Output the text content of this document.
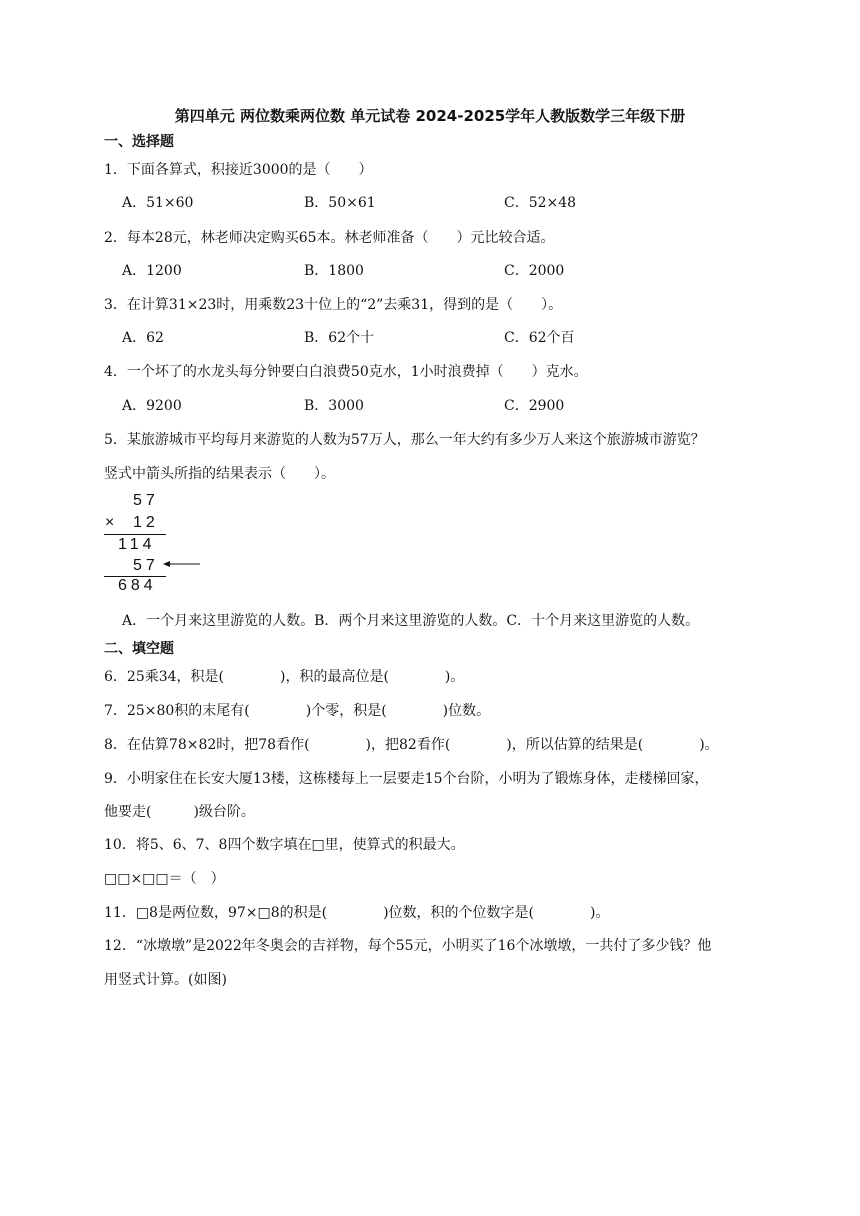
第四单元 两位数乘两位数 单元试卷 2024-2025学年人教版数学三年级下册
一、选择题
1．下面各算式，积接近3000的是（　　）
A．51×60	B．50×61	C．52×48
2．每本28元，林老师决定购买65本。林老师准备（　　）元比较合适。
A．1200	B．1800	C．2000
3．在计算31×23时，用乘数23十位上的“2”去乘31，得到的是（　　）。
A．62	B．62个十	C．62个百
4．一个坏了的水龙头每分钟要白白浪费50克水，1小时浪费掉（　　）克水。
A．9200	B．3000	C．2900
5．某旅游城市平均每月来游览的人数为57万人，那么一年大约有多少万人来这个旅游城市游览？
竖式中箭头所指的结果表示（　　）。
57
× 12
114
57
684
A．一个月来这里游览的人数。B．两个月来这里游览的人数。C．十个月来这里游览的人数。
二、填空题
6．25乘34，积是(　　　　)，积的最高位是(　　　　)。
7．25×80积的末尾有(　　　　)个零，积是(　　　　)位数。
8．在估算78×82时，把78看作(　　　　)，把82看作(　　　　)，所以估算的结果是(　　　　)。
9．小明家住在长安大厦13楼，这栋楼每上一层要走15个台阶，小明为了锻炼身体，走楼梯回家，
他要走(　　　)级台阶。
10．将5、6、7、8四个数字填在□里，使算式的积最大。
□□×□□＝（　）
11．□8是两位数，97×□8的积是(　　　　)位数，积的个位数字是(　　　　)。
12．“冰墩墩”是2022年冬奥会的吉祥物，每个55元，小明买了16个冰墩墩，一共付了多少钱？他
用竖式计算。(如图)
